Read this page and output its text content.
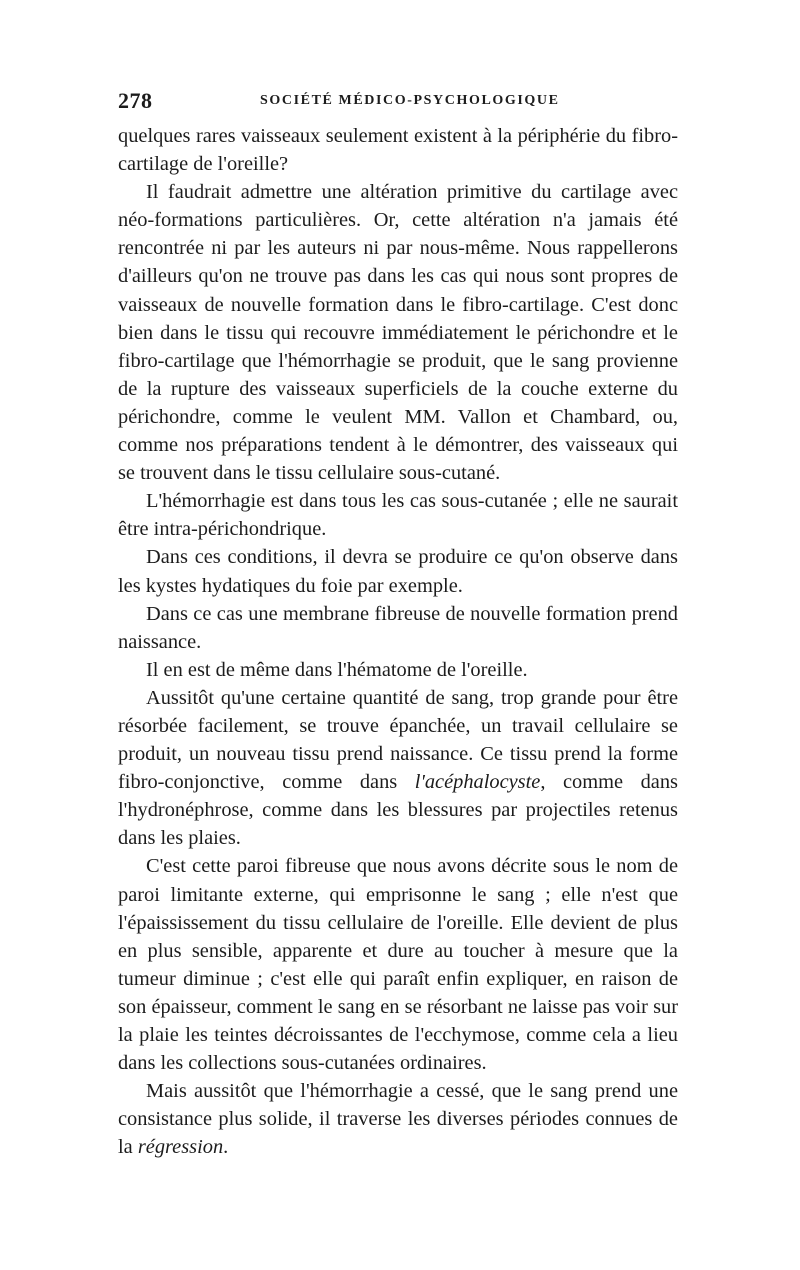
278	SOCIÉTÉ MÉDICO-PSYCHOLOGIQUE

quelques rares vaisseaux seulement existent à la périphérie du fibro-cartilage de l'oreille?

Il faudrait admettre une altération primitive du cartilage avec néo-formations particulières. Or, cette altération n'a jamais été rencontrée ni par les auteurs ni par nous-même. Nous rappellerons d'ailleurs qu'on ne trouve pas dans les cas qui nous sont propres de vaisseaux de nouvelle formation dans le fibro-cartilage. C'est donc bien dans le tissu qui recouvre immédiatement le périchondre et le fibro-cartilage que l'hémorrhagie se produit, que le sang provienne de la rupture des vaisseaux superficiels de la couche externe du périchondre, comme le veulent MM. Vallon et Chambard, ou, comme nos préparations tendent à le démontrer, des vaisseaux qui se trouvent dans le tissu cellulaire sous-cutané.

L'hémorrhagie est dans tous les cas sous-cutanée ; elle ne saurait être intra-périchondrique.

Dans ces conditions, il devra se produire ce qu'on observe dans les kystes hydatiques du foie par exemple.

Dans ce cas une membrane fibreuse de nouvelle formation prend naissance.

Il en est de même dans l'hématome de l'oreille.

Aussitôt qu'une certaine quantité de sang, trop grande pour être résorbée facilement, se trouve épanchée, un travail cellulaire se produit, un nouveau tissu prend naissance. Ce tissu prend la forme fibro-conjonctive, comme dans l'acéphalocyste, comme dans l'hydronéphrose, comme dans les blessures par projectiles retenus dans les plaies.

C'est cette paroi fibreuse que nous avons décrite sous le nom de paroi limitante externe, qui emprisonne le sang ; elle n'est que l'épaississement du tissu cellulaire de l'oreille. Elle devient de plus en plus sensible, apparente et dure au toucher à mesure que la tumeur diminue ; c'est elle qui paraît enfin expliquer, en raison de son épaisseur, comment le sang en se résorbant ne laisse pas voir sur la plaie les teintes décroissantes de l'ecchymose, comme cela a lieu dans les collections sous-cutanées ordinaires.

Mais aussitôt que l'hémorrhagie a cessé, que le sang prend une consistance plus solide, il traverse les diverses périodes connues de la régression.
